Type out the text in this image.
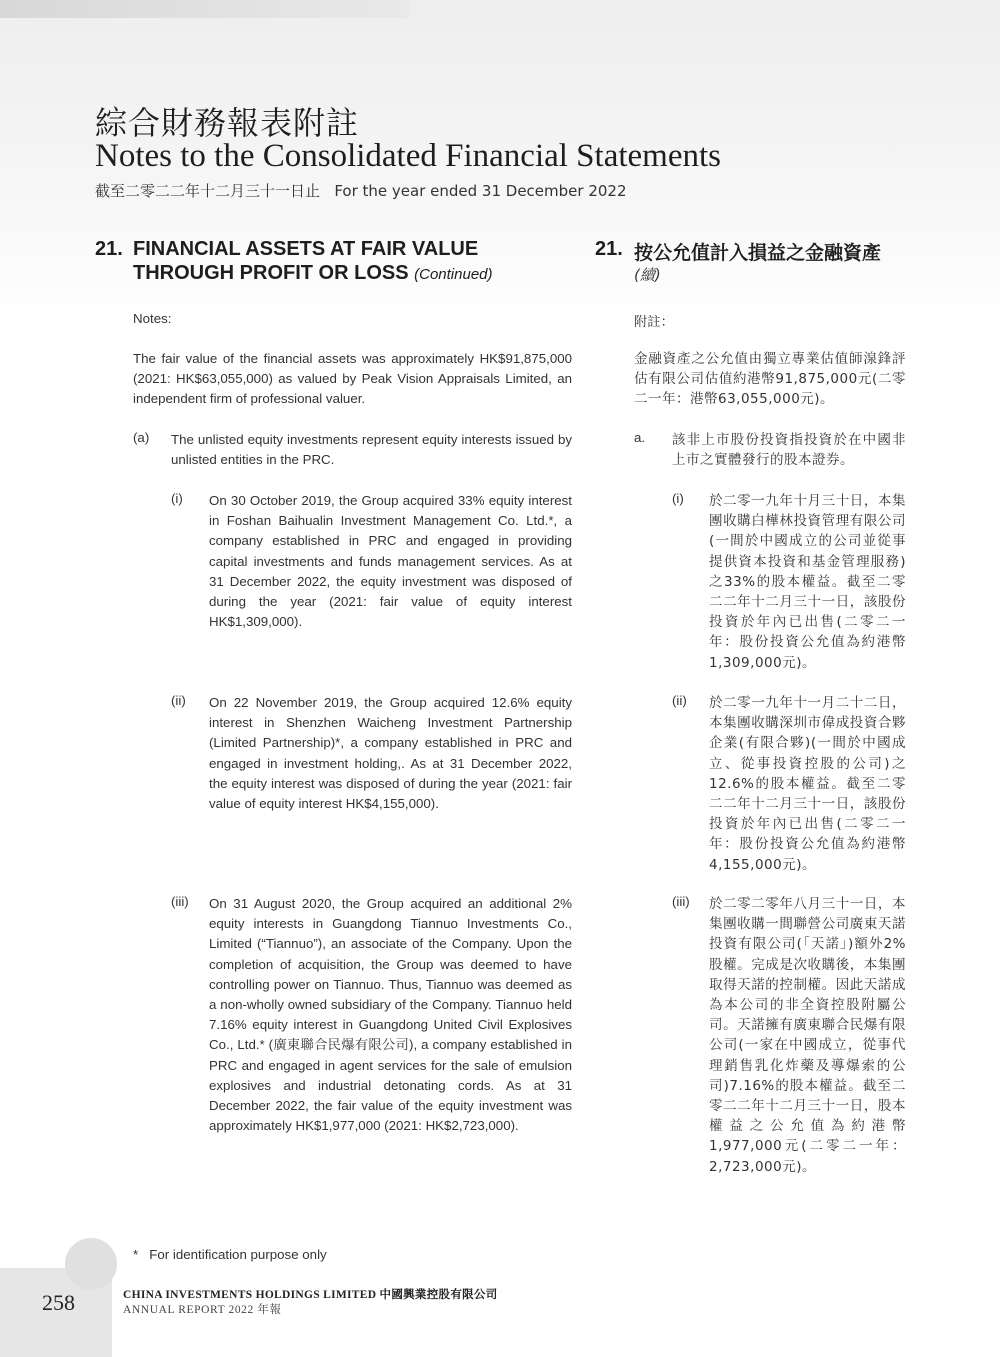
綜合財務報表附註
Notes to the Consolidated Financial Statements
截至二零二二年十二月三十一日止 For the year ended 31 December 2022
21. FINANCIAL ASSETS AT FAIR VALUE
THROUGH PROFIT OR LOSS (Continued)
21. 按公允值計入損益之金融資產
(續)
Notes:	附註：
The fair value of the financial assets was approximately HK$91,875,000 (2021: HK$63,055,000) as valued by Peak Vision Appraisals Limited, an independent firm of professional valuer.
金融資產之公允值由獨立專業估值師湶鋒評估有限公司估值約港幣91,875,000元(二零二一年：港幣63,055,000元)。
(a) The unlisted equity investments represent equity interests issued by unlisted entities in the PRC.
a. 該非上市股份投資指投資於在中國非上市之實體發行的股本證券。
(i) On 30 October 2019, the Group acquired 33% equity interest in Foshan Baihualin Investment Management Co. Ltd.*, a company established in PRC and engaged in providing capital investments and funds management services. As at 31 December 2022, the equity investment was disposed of during the year (2021: fair value of equity interest HK$1,309,000).
(i) 於二零一九年十月三十日，本集團收購白樺林投資管理有限公司(一間於中國成立的公司並從事提供資本投資和基金管理服務)之33%的股本權益。截至二零二二年十二月三十一日，該股份投資於年內已出售(二零二一年：股份投資公允值為約港幣1,309,000元)。
(ii) On 22 November 2019, the Group acquired 12.6% equity interest in Shenzhen Waicheng Investment Partnership (Limited Partnership)*, a company established in PRC and engaged in investment holding,. As at 31 December 2022, the equity interest was disposed of during the year (2021: fair value of equity interest HK$4,155,000).
(ii) 於二零一九年十一月二十二日，本集團收購深圳市偉成投資合夥企業(有限合夥)(一間於中國成立、從事投資控股的公司)之12.6%的股本權益。截至二零二二年十二月三十一日，該股份投資於年內已出售(二零二一年：股份投資公允值為約港幣4,155,000元)。
(iii) On 31 August 2020, the Group acquired an additional 2% equity interests in Guangdong Tiannuo Investments Co., Limited (“Tiannuo”), an associate of the Company. Upon the completion of acquisition, the Group was deemed to have controlling power on Tiannuo. Thus, Tiannuo was deemed as a non-wholly owned subsidiary of the Company. Tiannuo held 7.16% equity interest in Guangdong United Civil Explosives Co., Ltd.* (廣東聯合民爆有限公司), a company established in PRC and engaged in agent services for the sale of emulsion explosives and industrial detonating cords. As at 31 December 2022, the fair value of the equity investment was approximately HK$1,977,000 (2021: HK$2,723,000).
(iii) 於二零二零年八月三十一日，本集團收購一間聯營公司廣東天諾投資有限公司(「天諾」)額外2%股權。完成是次收購後，本集團取得天諾的控制權。因此天諾成為本公司的非全資控股附屬公司。天諾擁有廣東聯合民爆有限公司(一家在中國成立，從事代理銷售乳化炸藥及導爆索的公司)7.16%的股本權益。截至二零二二年十二月三十一日，股本權益之公允值為約港幣1,977,000元(二零二一年：2,723,000元)。
* For identification purpose only
258	CHINA INVESTMENTS HOLDINGS LIMITED 中國興業控股有限公司
ANNUAL REPORT 2022 年報
